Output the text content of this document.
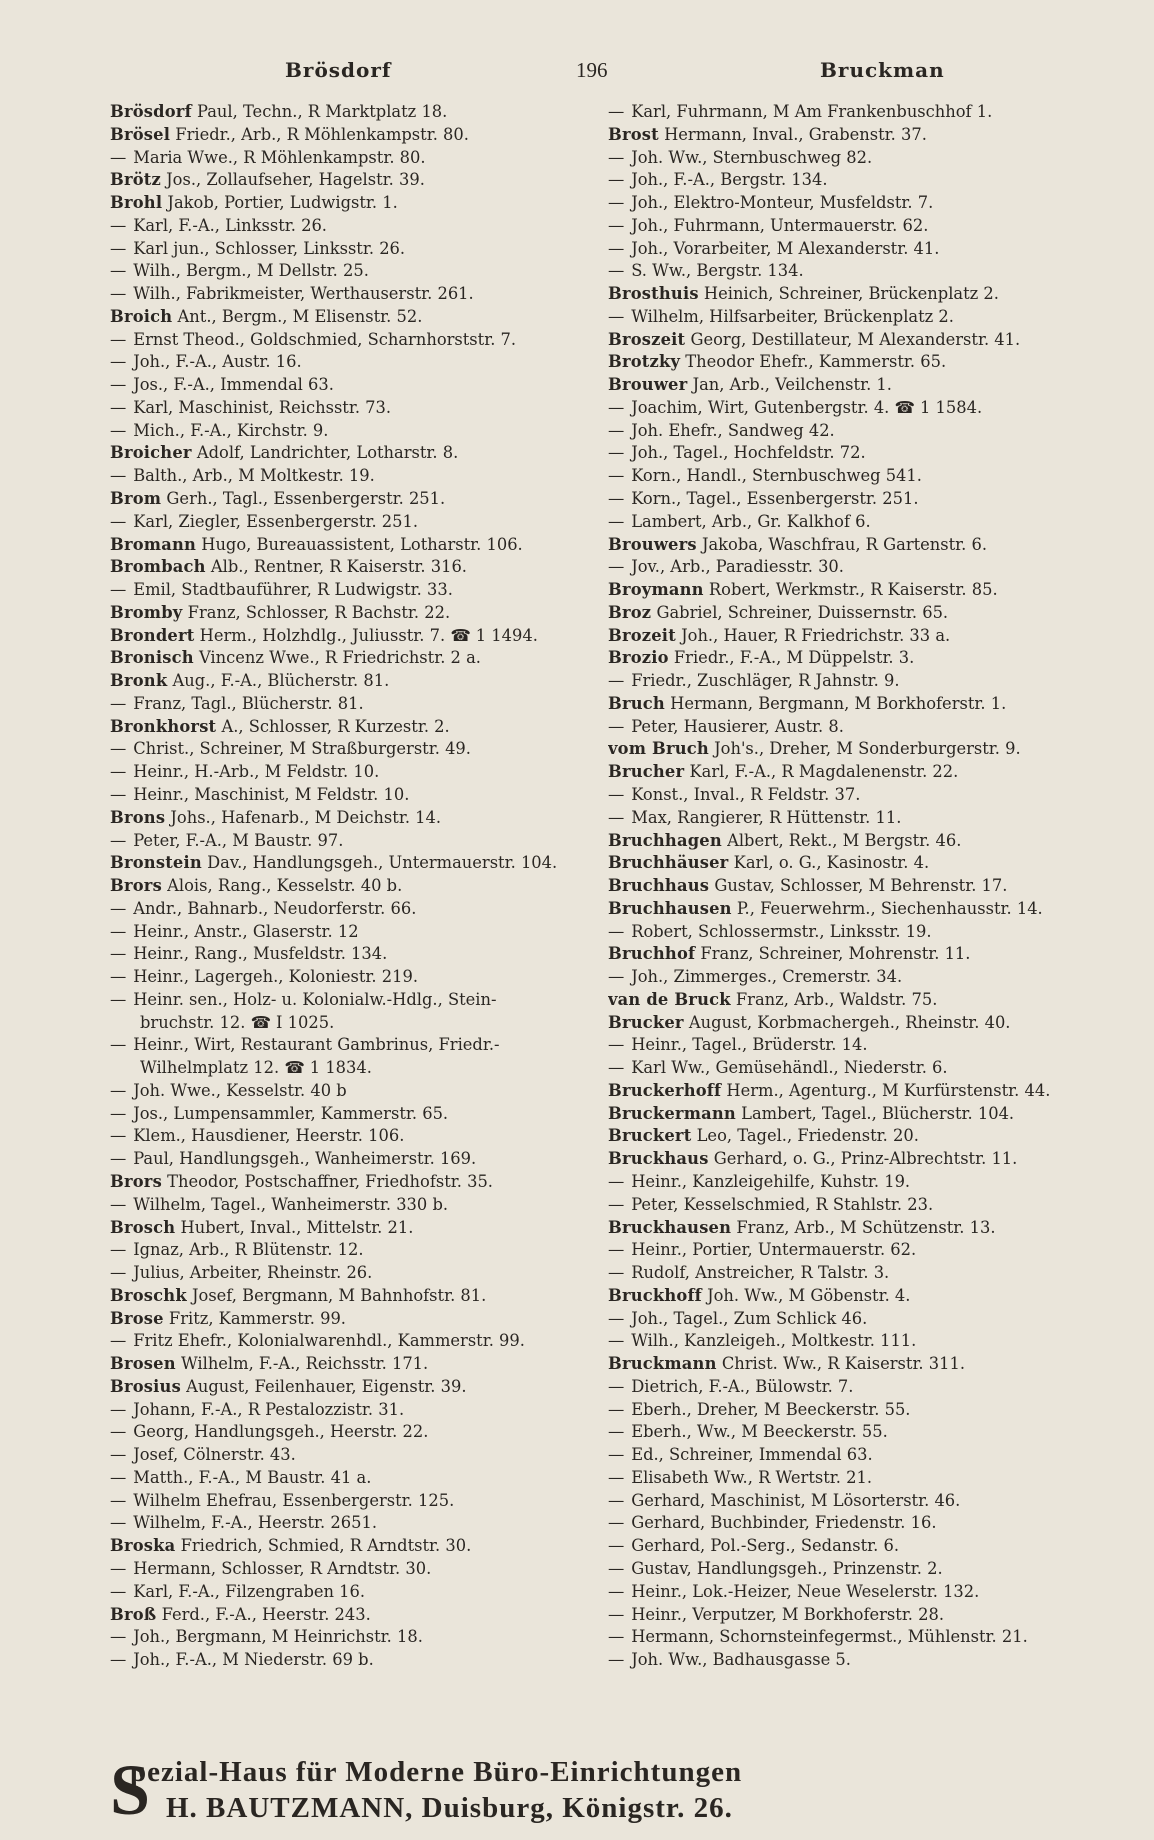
Brösdorf	196	Bruckman
Brösdorf Paul, Techn., R Marktplatz 18.
Brösel Friedr., Arb., R Möhlenkampstr. 80.
— Maria Wwe., R Möhlenkampstr. 80.
Brötz Jos., Zollaufseher, Hagelstr. 39.
Brohl Jakob, Portier, Ludwigstr. 1.
— Karl, F.-A., Linksstr. 26.
— Karl jun., Schlosser, Linksstr. 26.
— Wilh., Bergm., M Dellstr. 25.
— Wilh., Fabrikmeister, Werthauserstr. 261.
Broich Ant., Bergm., M Elisenstr. 52.
— Ernst Theod., Goldschmied, Scharnhorststr. 7.
— Joh., F.-A., Austr. 16.
— Jos., F.-A., Immendal 63.
— Karl, Maschinist, Reichsstr. 73.
— Mich., F.-A., Kirchstr. 9.
Broicher Adolf, Landrichter, Lotharstr. 8.
— Balth., Arb., M Moltkestr. 19.
Brom Gerh., Tagl., Essenbergerstr. 251.
— Karl, Ziegler, Essenbergerstr. 251.
Bromann Hugo, Bureauassistent, Lotharstr. 106.
Brombach Alb., Rentner, R Kaiserstr. 316.
— Emil, Stadtbauführer, R Ludwigstr. 33.
Bromby Franz, Schlosser, R Bachstr. 22.
Brondert Herm., Holzhdlg., Juliusstr. 7. ☎ 1 1494.
Bronisch Vincenz Wwe., R Friedrichstr. 2 a.
Bronk Aug., F.-A., Blücherstr. 81.
— Franz, Tagl., Blücherstr. 81.
Bronkhorst A., Schlosser, R Kurzestr. 2.
— Christ., Schreiner, M Straßburgerstr. 49.
— Heinr., H.-Arb., M Feldstr. 10.
— Heinr., Maschinist, M Feldstr. 10.
Brons Johs., Hafenarb., M Deichstr. 14.
— Peter, F.-A., M Baustr. 97.
Bronstein Dav., Handlungsgeh., Untermauerstr. 104.
Brors Alois, Rang., Kesselstr. 40 b.
— Andr., Bahnarb., Neudorferstr. 66.
— Heinr., Anstr., Glaserstr. 12
— Heinr., Rang., Musfeldstr. 134.
— Heinr., Lagergeh., Koloniestr. 219.
— Heinr. sen., Holz- u. Kolonialw.-Hdlg., Stein-
bruchstr. 12. ☎ I 1025.
— Heinr., Wirt, Restaurant Gambrinus, Friedr.-
Wilhelmplatz 12. ☎ 1 1834.
— Joh. Wwe., Kesselstr. 40 b
— Jos., Lumpensammler, Kammerstr. 65.
— Klem., Hausdiener, Heerstr. 106.
— Paul, Handlungsgeh., Wanheimerstr. 169.
Brors Theodor, Postschaffner, Friedhofstr. 35.
— Wilhelm, Tagel., Wanheimerstr. 330 b.
Brosch Hubert, Inval., Mittelstr. 21.
— Ignaz, Arb., R Blütenstr. 12.
— Julius, Arbeiter, Rheinstr. 26.
Broschk Josef, Bergmann, M Bahnhofstr. 81.
Brose Fritz, Kammerstr. 99.
— Fritz Ehefr., Kolonialwarenhdl., Kammerstr. 99.
Brosen Wilhelm, F.-A., Reichsstr. 171.
Brosius August, Feilenhauer, Eigenstr. 39.
— Johann, F.-A., R Pestalozzistr. 31.
— Georg, Handlungsgeh., Heerstr. 22.
— Josef, Cölnerstr. 43.
— Matth., F.-A., M Baustr. 41 a.
— Wilhelm Ehefrau, Essenbergerstr. 125.
— Wilhelm, F.-A., Heerstr. 2651.
Broska Friedrich, Schmied, R Arndtstr. 30.
— Hermann, Schlosser, R Arndtstr. 30.
— Karl, F.-A., Filzengraben 16.
Broß Ferd., F.-A., Heerstr. 243.
— Joh., Bergmann, M Heinrichstr. 18.
— Joh., F.-A., M Niederstr. 69 b.
— Karl, Fuhrmann, M Am Frankenbuschhof 1.
Brost Hermann, Inval., Grabenstr. 37.
— Joh. Ww., Sternbuschweg 82.
— Joh., F.-A., Bergstr. 134.
— Joh., Elektro-Monteur, Musfeldstr. 7.
— Joh., Fuhrmann, Untermauerstr. 62.
— Joh., Vorarbeiter, M Alexanderstr. 41.
— S. Ww., Bergstr. 134.
Brosthuis Heinich, Schreiner, Brückenplatz 2.
— Wilhelm, Hilfsarbeiter, Brückenplatz 2.
Broszeit Georg, Destillateur, M Alexanderstr. 41.
Brotzky Theodor Ehefr., Kammerstr. 65.
Brouwer Jan, Arb., Veilchenstr. 1.
— Joachim, Wirt, Gutenbergstr. 4. ☎ 1 1584.
— Joh. Ehefr., Sandweg 42.
— Joh., Tagel., Hochfeldstr. 72.
— Korn., Handl., Sternbuschweg 541.
— Korn., Tagel., Essenbergerstr. 251.
— Lambert, Arb., Gr. Kalkhof 6.
Brouwers Jakoba, Waschfrau, R Gartenstr. 6.
— Jov., Arb., Paradiesstr. 30.
Broymann Robert, Werkmstr., R Kaiserstr. 85.
Broz Gabriel, Schreiner, Duissernstr. 65.
Brozeit Joh., Hauer, R Friedrichstr. 33 a.
Brozio Friedr., F.-A., M Düppelstr. 3.
— Friedr., Zuschläger, R Jahnstr. 9.
Bruch Hermann, Bergmann, M Borkhoferstr. 1.
— Peter, Hausierer, Austr. 8.
vom Bruch Joh's., Dreher, M Sonderburgerstr. 9.
Brucher Karl, F.-A., R Magdalenenstr. 22.
— Konst., Inval., R Feldstr. 37.
— Max, Rangierer, R Hüttenstr. 11.
Bruchhagen Albert, Rekt., M Bergstr. 46.
Bruchhäuser Karl, o. G., Kasinostr. 4.
Bruchhaus Gustav, Schlosser, M Behrenstr. 17.
Bruchhausen P., Feuerwehrm., Siechenhausstr. 14.
— Robert, Schlossermstr., Linksstr. 19.
Bruchhof Franz, Schreiner, Mohrenstr. 11.
— Joh., Zimmerges., Cremerstr. 34.
van de Bruck Franz, Arb., Waldstr. 75.
Brucker August, Korbmachergeh., Rheinstr. 40.
— Heinr., Tagel., Brüderstr. 14.
— Karl Ww., Gemüsehändl., Niederstr. 6.
Bruckerhoff Herm., Agenturg., M Kurfürstenstr. 44.
Bruckermann Lambert, Tagel., Blücherstr. 104.
Bruckert Leo, Tagel., Friedenstr. 20.
Bruckhaus Gerhard, o. G., Prinz-Albrechtstr. 11.
— Heinr., Kanzleigehilfe, Kuhstr. 19.
— Peter, Kesselschmied, R Stahlstr. 23.
Bruckhausen Franz, Arb., M Schützenstr. 13.
— Heinr., Portier, Untermauerstr. 62.
— Rudolf, Anstreicher, R Talstr. 3.
Bruckhoff Joh. Ww., M Göbenstr. 4.
— Joh., Tagel., Zum Schlick 46.
— Wilh., Kanzleigeh., Moltkestr. 111.
Bruckmann Christ. Ww., R Kaiserstr. 311.
— Dietrich, F.-A., Bülowstr. 7.
— Eberh., Dreher, M Beeckerstr. 55.
— Eberh., Ww., M Beeckerstr. 55.
— Ed., Schreiner, Immendal 63.
— Elisabeth Ww., R Wertstr. 21.
— Gerhard, Maschinist, M Lösorterstr. 46.
— Gerhard, Buchbinder, Friedenstr. 16.
— Gerhard, Pol.-Serg., Sedanstr. 6.
— Gustav, Handlungsgeh., Prinzenstr. 2.
— Heinr., Lok.-Heizer, Neue Weselerstr. 132.
— Heinr., Verputzer, M Borkhoferstr. 28.
— Hermann, Schornsteinfegermst., Mühlenstr. 21.
— Joh. Ww., Badhausgasse 5.
S
pezial-Haus für Moderne Büro-Einrichtungen
H. BAUTZMANN, Duisburg, Königstr. 26.
